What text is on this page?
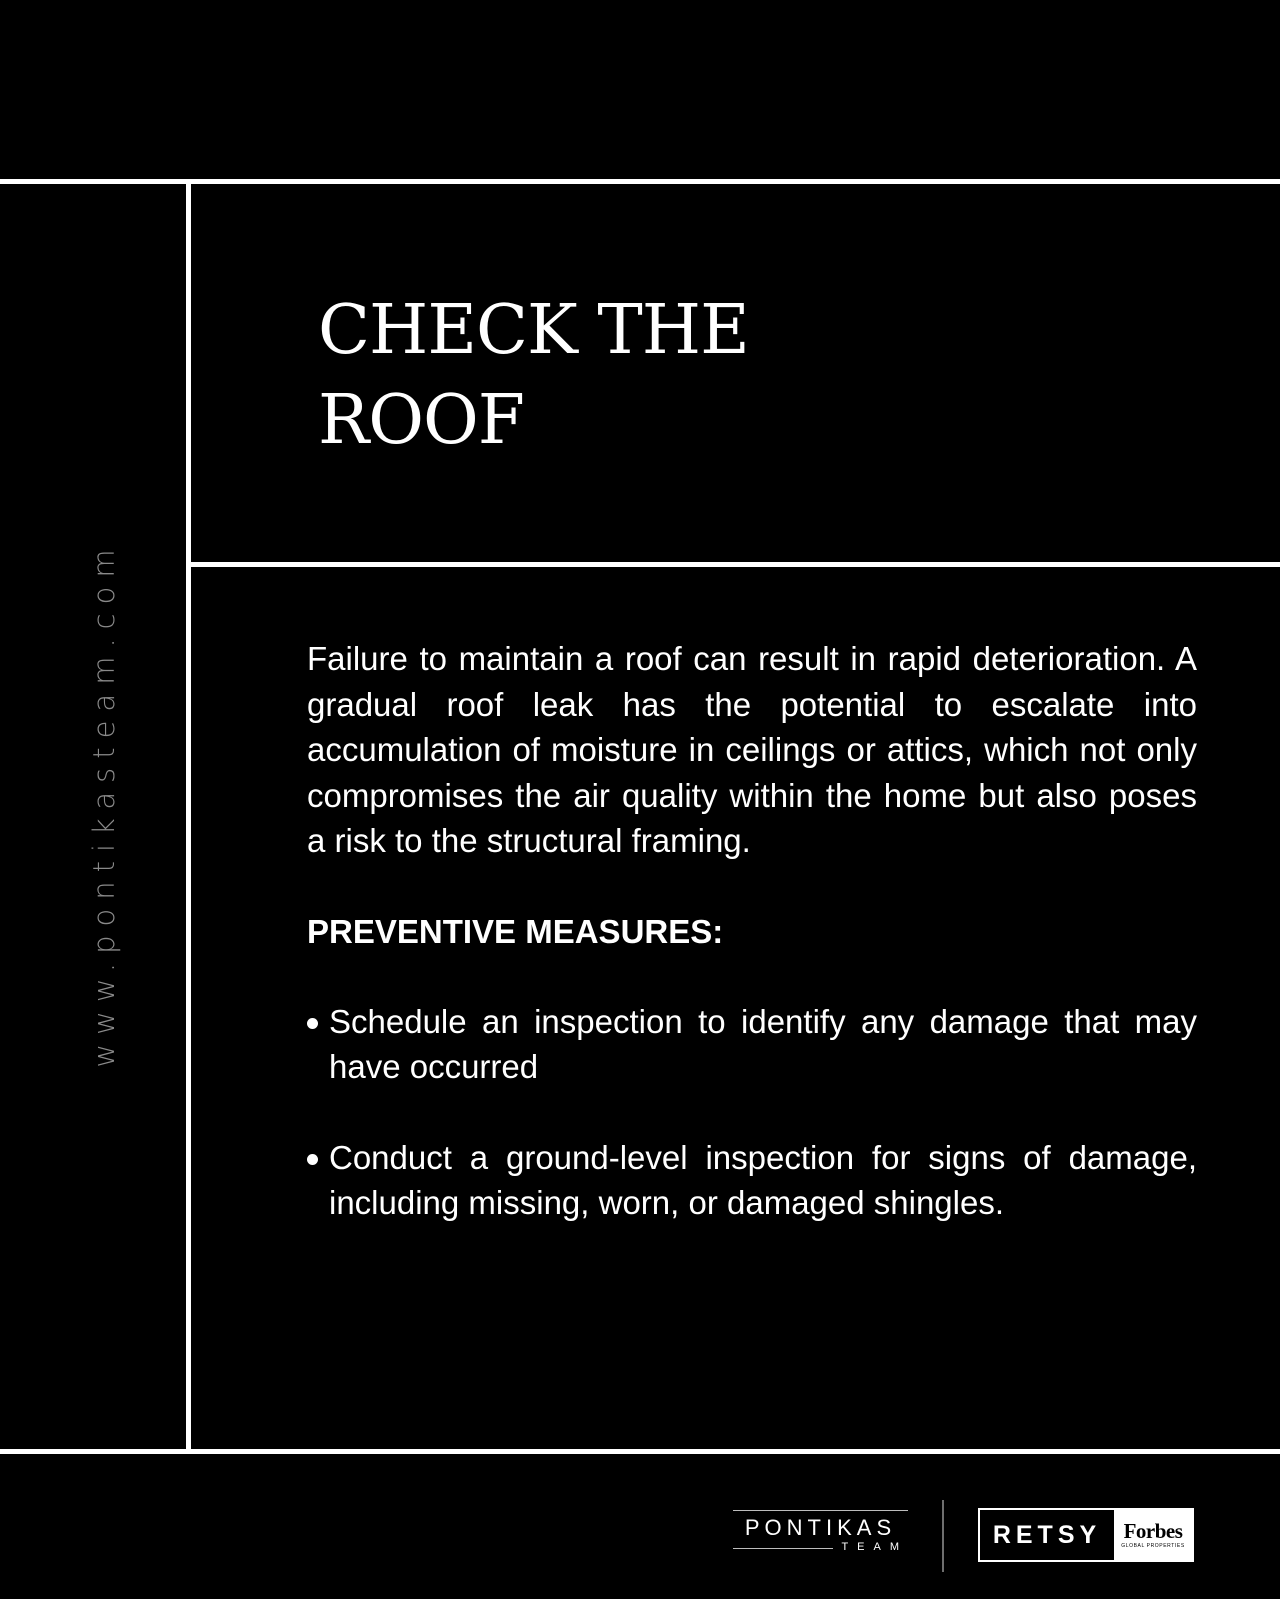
www.pontikasteam.com
CHECK THE
ROOF

Failure to maintain a roof can result in rapid deterioration. A gradual roof leak has the potential to escalate into accumulation of moisture in ceilings or attics, which not only compromises the air quality within the home but also poses a risk to the structural framing.

PREVENTIVE MEASURES:
Schedule an inspection to identify any damage that may have occurred
Conduct a ground-level inspection for signs of damage, including missing, worn, or damaged shingles.
PONTIKAS
TEAM	RETSY	Forbes
GLOBAL PROPERTIES
